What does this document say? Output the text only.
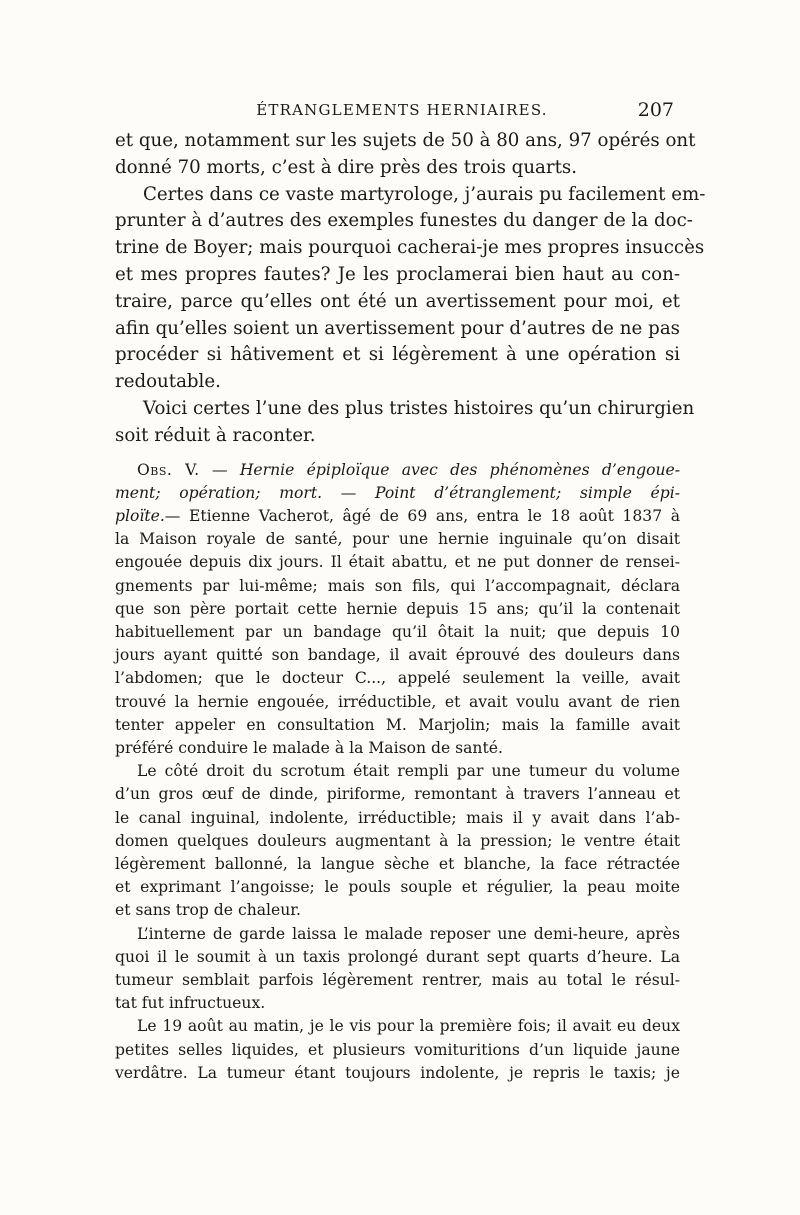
ÉTRANGLEMENTS HERNIAIRES.	207
et que, notamment sur les sujets de 50 à 80 ans, 97 opérés ont
donné 70 morts, c’est à dire près des trois quarts.
Certes dans ce vaste martyrologe, j’aurais pu facilement em-
prunter à d’autres des exemples funestes du danger de la doc-
trine de Boyer; mais pourquoi cacherai-je mes propres insuccès
et mes propres fautes? Je les proclamerai bien haut au con-
traire, parce qu’elles ont été un avertissement pour moi, et
afin qu’elles soient un avertissement pour d’autres de ne pas
procéder si hâtivement et si légèrement à une opération si
redoutable.
Voici certes l’une des plus tristes histoires qu’un chirurgien
soit réduit à raconter.
Obs. V. — Hernie épiploïque avec des phénomènes d’engoue-
ment; opération; mort. — Point d’étranglement; simple épi-
ploïte.— Etienne Vacherot, âgé de 69 ans, entra le 18 août 1837 à
la Maison royale de santé, pour une hernie inguinale qu’on disait
engouée depuis dix jours. Il était abattu, et ne put donner de rensei-
gnements par lui-même; mais son fils, qui l’accompagnait, déclara
que son père portait cette hernie depuis 15 ans; qu’il la contenait
habituellement par un bandage qu’il ôtait la nuit; que depuis 10
jours ayant quitté son bandage, il avait éprouvé des douleurs dans
l’abdomen; que le docteur C..., appelé seulement la veille, avait
trouvé la hernie engouée, irréductible, et avait voulu avant de rien
tenter appeler en consultation M. Marjolin; mais la famille avait
préféré conduire le malade à la Maison de santé.
Le côté droit du scrotum était rempli par une tumeur du volume
d’un gros œuf de dinde, piriforme, remontant à travers l’anneau et
le canal inguinal, indolente, irréductible; mais il y avait dans l’ab-
domen quelques douleurs augmentant à la pression; le ventre était
légèrement ballonné, la langue sèche et blanche, la face rétractée
et exprimant l’angoisse; le pouls souple et régulier, la peau moite
et sans trop de chaleur.
L’interne de garde laissa le malade reposer une demi-heure, après
quoi il le soumit à un taxis prolongé durant sept quarts d’heure. La
tumeur semblait parfois légèrement rentrer, mais au total le résul-
tat fut infructueux.
Le 19 août au matin, je le vis pour la première fois; il avait eu deux
petites selles liquides, et plusieurs vomituritions d’un liquide jaune
verdâtre. La tumeur étant toujours indolente, je repris le taxis; je
